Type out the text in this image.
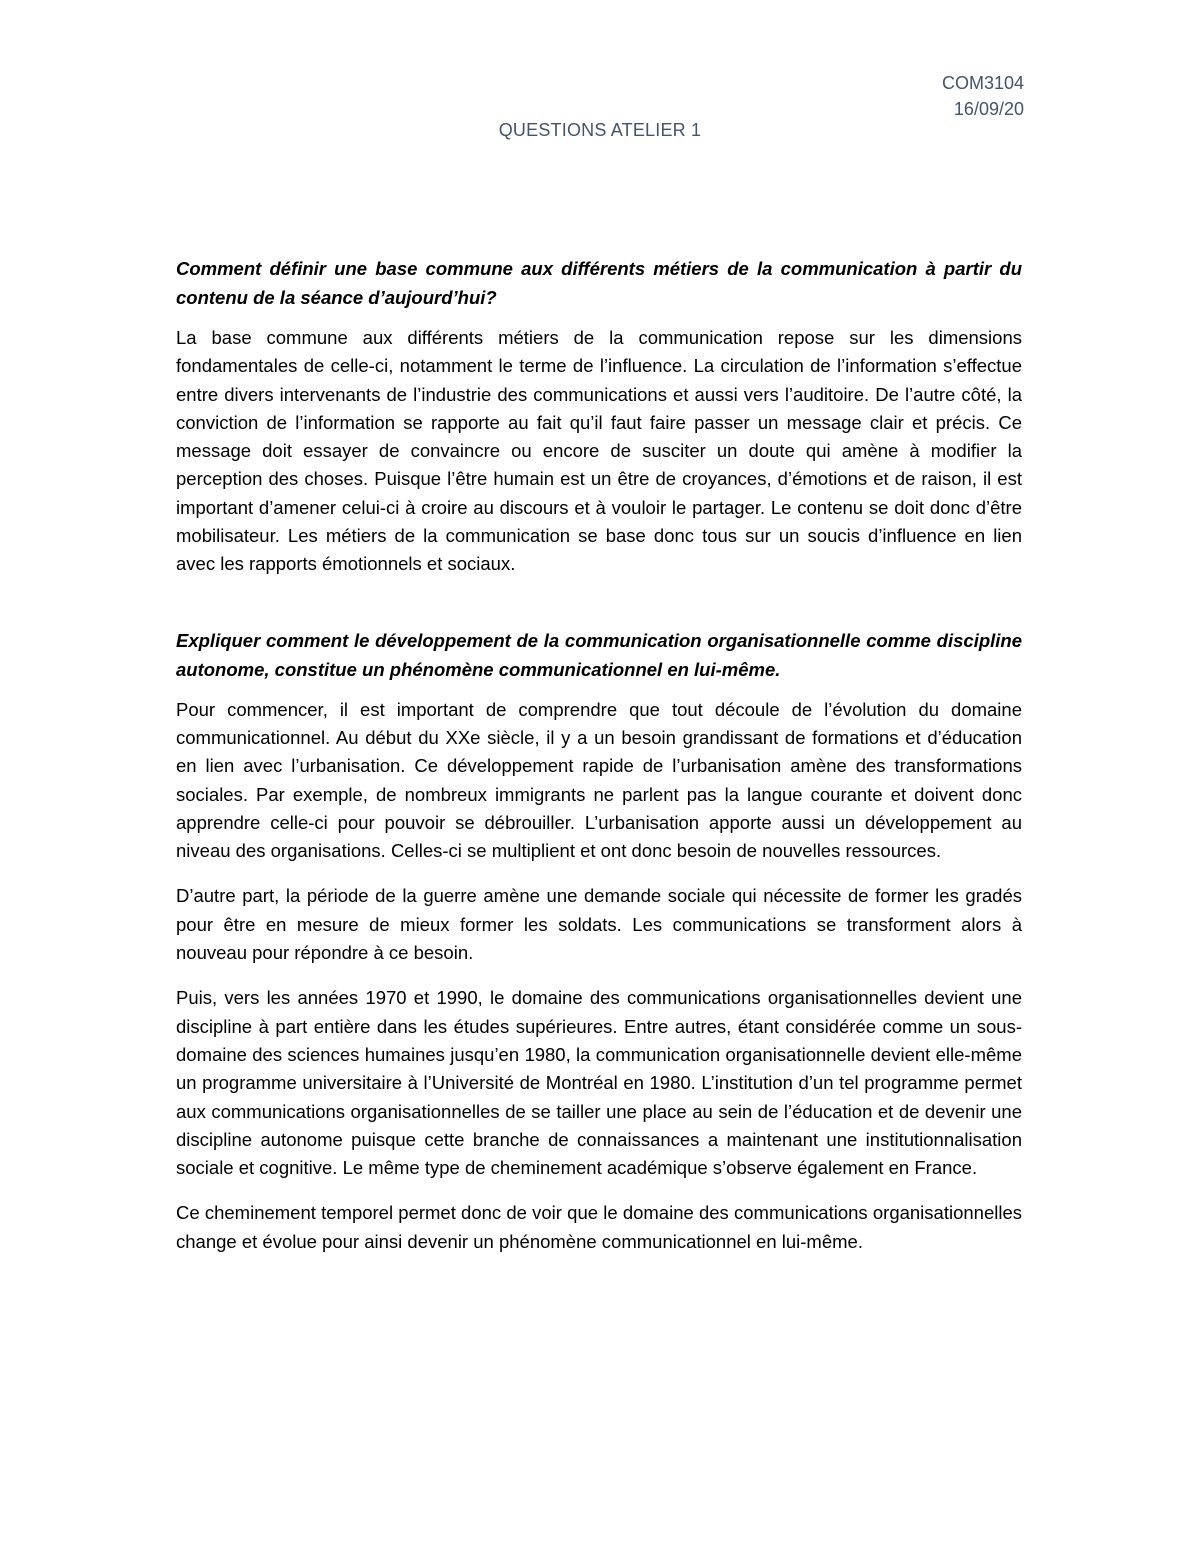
COM3104
16/09/20
QUESTIONS ATELIER 1

Comment définir une base commune aux différents métiers de la communication à partir du contenu de la séance d’aujourd’hui?

La base commune aux différents métiers de la communication repose sur les dimensions fondamentales de celle-ci, notamment le terme de l’influence. La circulation de l’information s’effectue entre divers intervenants de l’industrie des communications et aussi vers l’auditoire. De l’autre côté, la conviction de l’information se rapporte au fait qu’il faut faire passer un message clair et précis. Ce message doit essayer de convaincre ou encore de susciter un doute qui amène à modifier la perception des choses. Puisque l’être humain est un être de croyances, d’émotions et de raison, il est important d’amener celui-ci à croire au discours et à vouloir le partager. Le contenu se doit donc d’être mobilisateur. Les métiers de la communication se base donc tous sur un soucis d’influence en lien avec les rapports émotionnels et sociaux.

Expliquer comment le développement de la communication organisationnelle comme discipline autonome, constitue un phénomène communicationnel en lui-même.

Pour commencer, il est important de comprendre que tout découle de l’évolution du domaine communicationnel. Au début du XXe siècle, il y a un besoin grandissant de formations et d’éducation en lien avec l’urbanisation. Ce développement rapide de l’urbanisation amène des transformations sociales. Par exemple, de nombreux immigrants ne parlent pas la langue courante et doivent donc apprendre celle-ci pour pouvoir se débrouiller. L’urbanisation apporte aussi un développement au niveau des organisations. Celles-ci se multiplient et ont donc besoin de nouvelles ressources.

D’autre part, la période de la guerre amène une demande sociale qui nécessite de former les gradés pour être en mesure de mieux former les soldats. Les communications se transforment alors à nouveau pour répondre à ce besoin.

Puis, vers les années 1970 et 1990, le domaine des communications organisationnelles devient une discipline à part entière dans les études supérieures. Entre autres, étant considérée comme un sous-domaine des sciences humaines jusqu’en 1980, la communication organisationnelle devient elle-même un programme universitaire à l’Université de Montréal en 1980. L’institution d’un tel programme permet aux communications organisationnelles de se tailler une place au sein de l’éducation et de devenir une discipline autonome puisque cette branche de connaissances a maintenant une institutionnalisation sociale et cognitive. Le même type de cheminement académique s’observe également en France.

Ce cheminement temporel permet donc de voir que le domaine des communications organisationnelles change et évolue pour ainsi devenir un phénomène communicationnel en lui-même.
